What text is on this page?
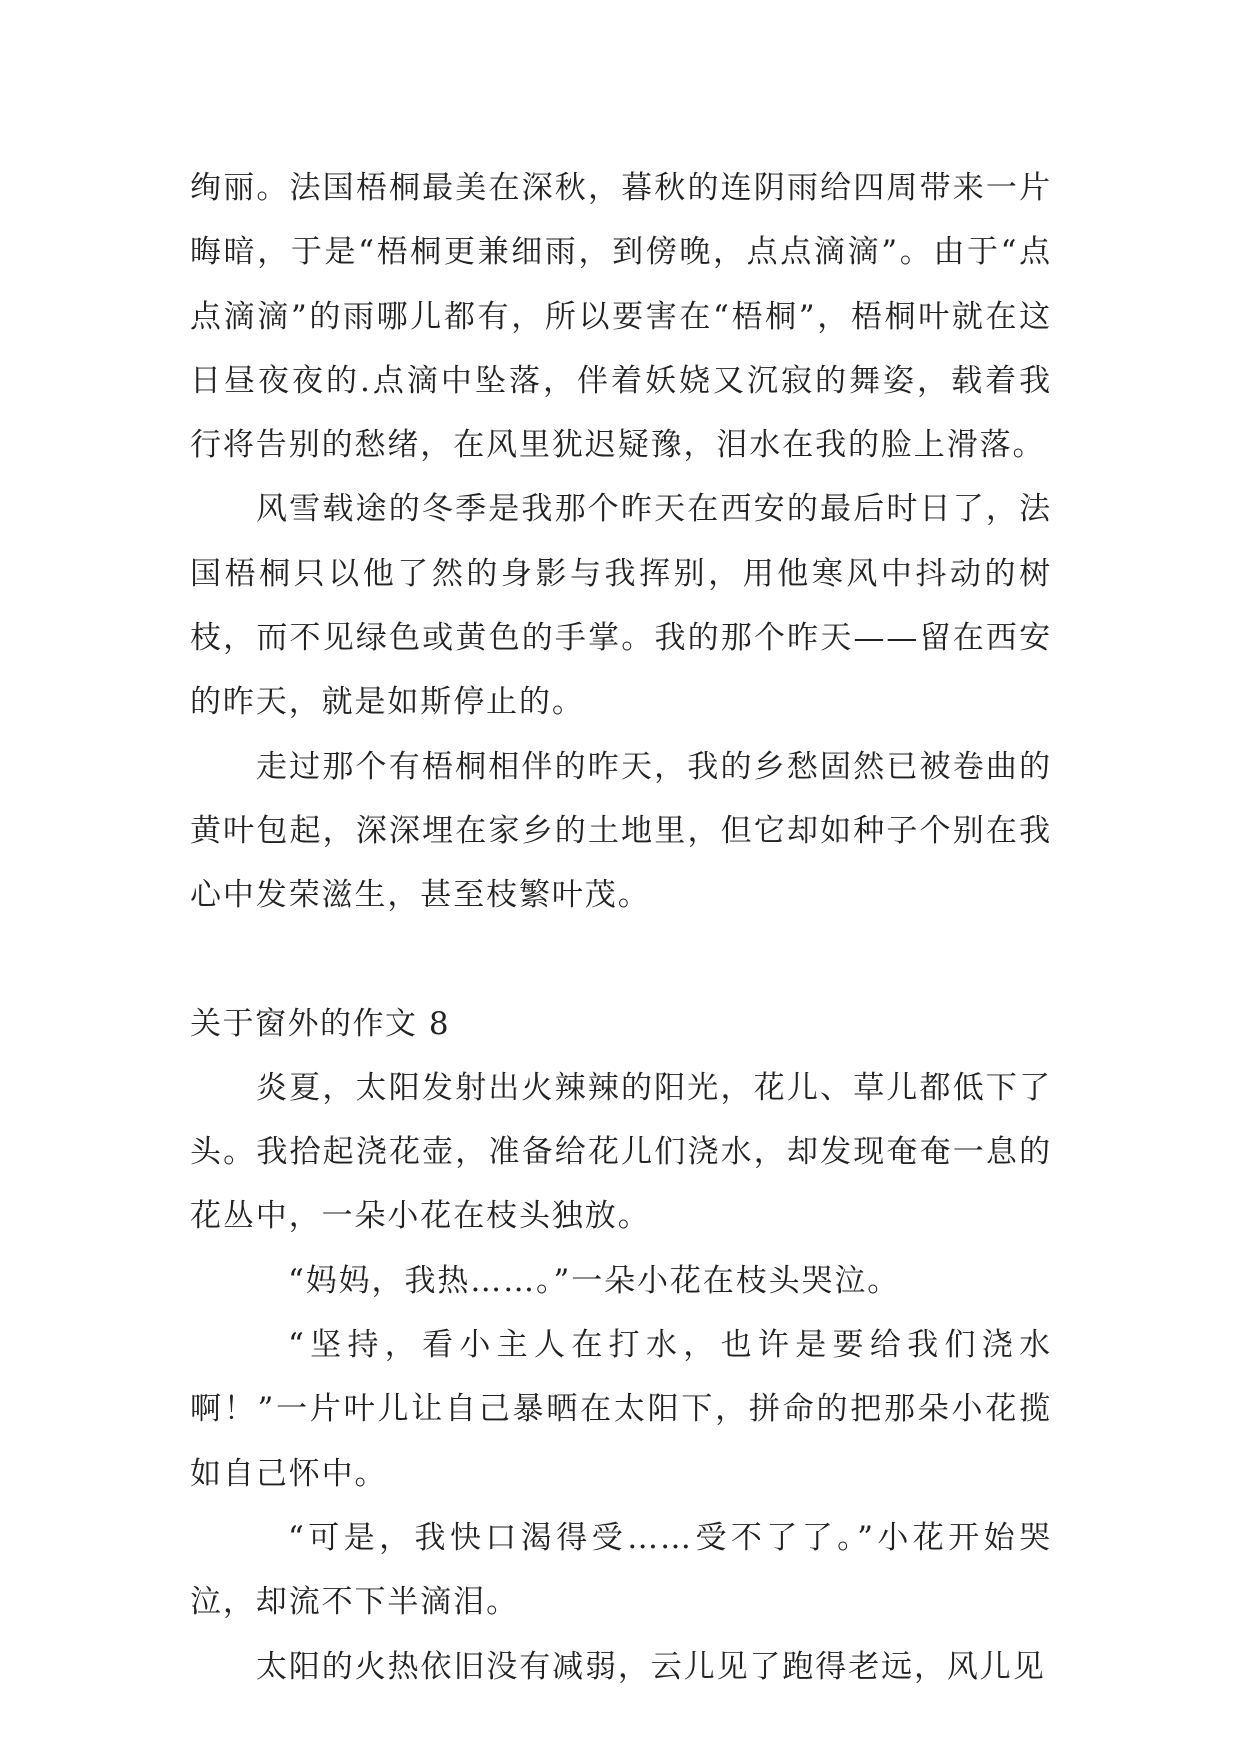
绚丽。法国梧桐最美在深秋，暮秋的连阴雨给四周带来一片晦暗，于是“梧桐更兼细雨，到傍晚，点点滴滴”。由于“点点滴滴”的雨哪儿都有，所以要害在“梧桐”，梧桐叶就在这日昼夜夜的.点滴中坠落，伴着妖娆又沉寂的舞姿，载着我行将告别的愁绪，在风里犹迟疑豫，泪水在我的脸上滑落。

风雪载途的冬季是我那个昨天在西安的最后时日了，法国梧桐只以他了然的身影与我挥别，用他寒风中抖动的树枝，而不见绿色或黄色的手掌。我的那个昨天——留在西安的昨天，就是如斯停止的。

走过那个有梧桐相伴的昨天，我的乡愁固然已被卷曲的黄叶包起，深深埋在家乡的土地里，但它却如种子个别在我心中发荣滋生，甚至枝繁叶茂。

关于窗外的作文 8

炎夏，太阳发射出火辣辣的阳光，花儿、草儿都低下了头。我拾起浇花壶，准备给花儿们浇水，却发现奄奄一息的花丛中，一朵小花在枝头独放。

“妈妈，我热……。”一朵小花在枝头哭泣。

“坚持，看小主人在打水，也许是要给我们浇水啊！”一片叶儿让自己暴晒在太阳下，拼命的把那朵小花揽如自己怀中。

“可是，我快口渴得受……受不了了。”小花开始哭泣，却流不下半滴泪。

太阳的火热依旧没有减弱，云儿见了跑得老远，风儿见
